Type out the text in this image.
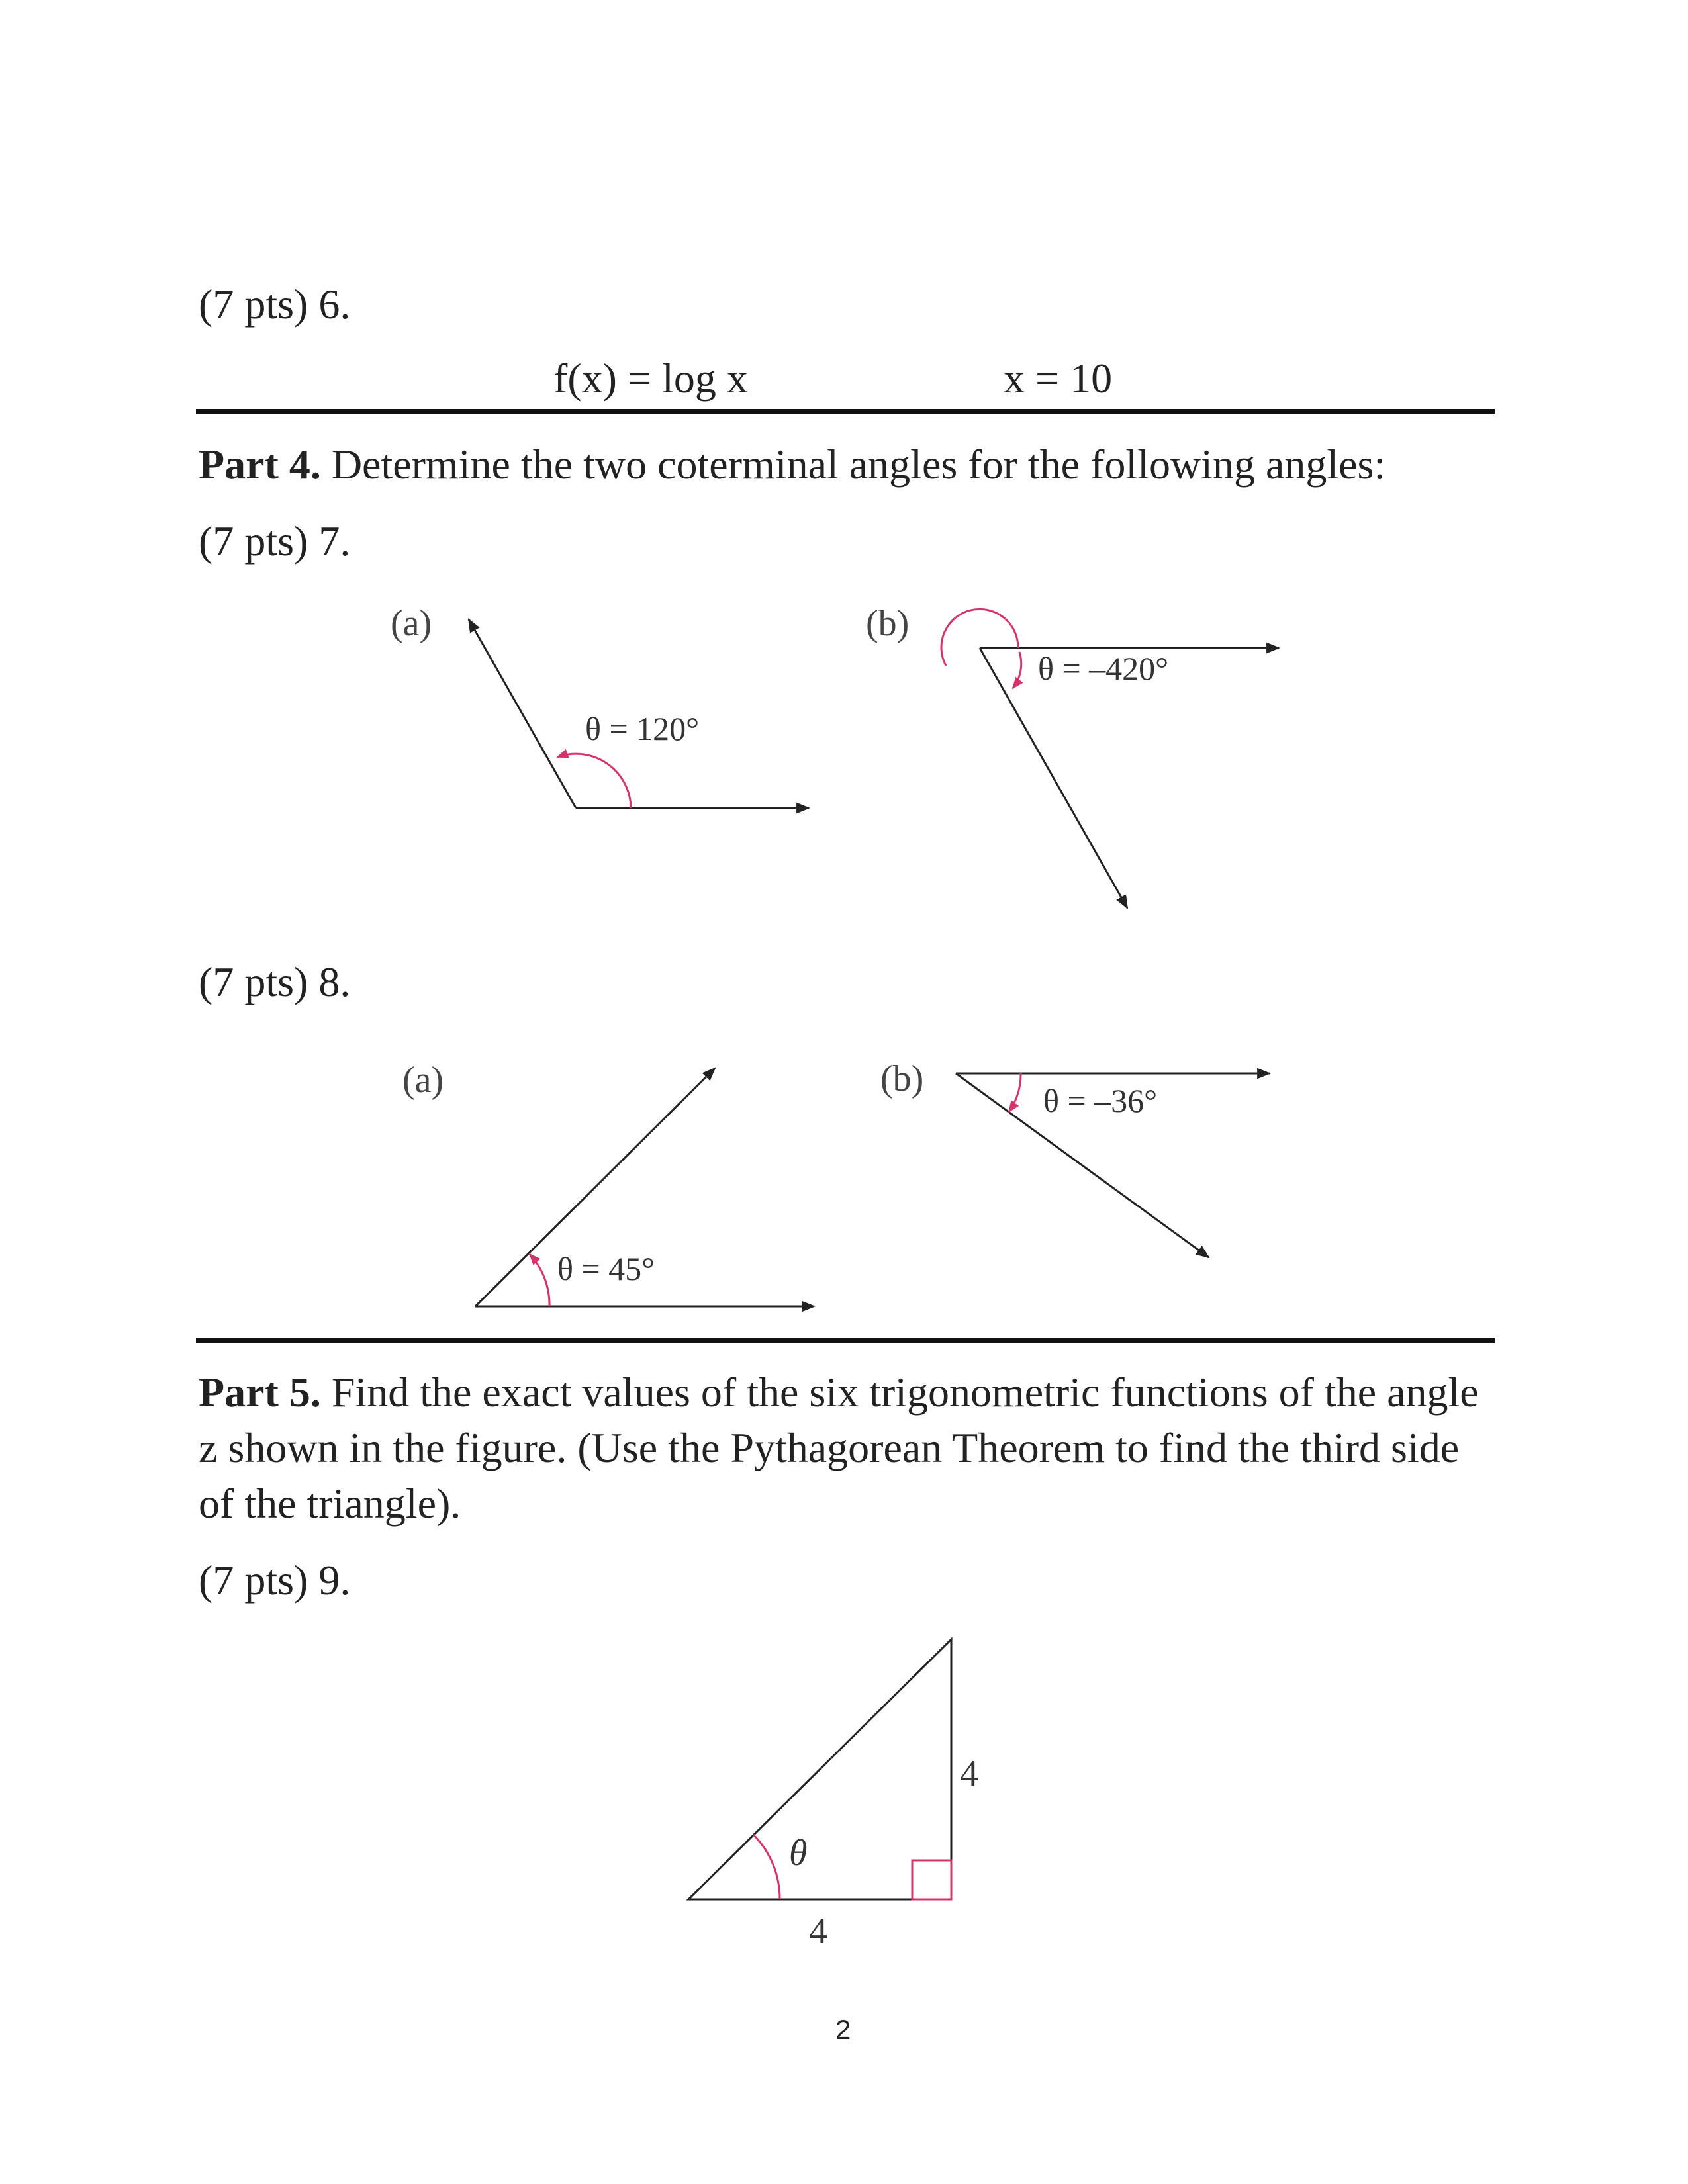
(7 pts) 6.
f(x) = log x	x = 10
Part 4. Determine the two coterminal angles for the following angles:
(7 pts) 7.
(7 pts) 8.
Part 5. Find the exact values of the six trigonometric functions of the angle z shown in the figure. (Use the Pythagorean Theorem to find the third side of the triangle).
(7 pts) 9.
2
(a)
θ = 120°
(b)
θ = –420°
(a)
θ = 45°
(b)
θ = –36°
θ
4
4
